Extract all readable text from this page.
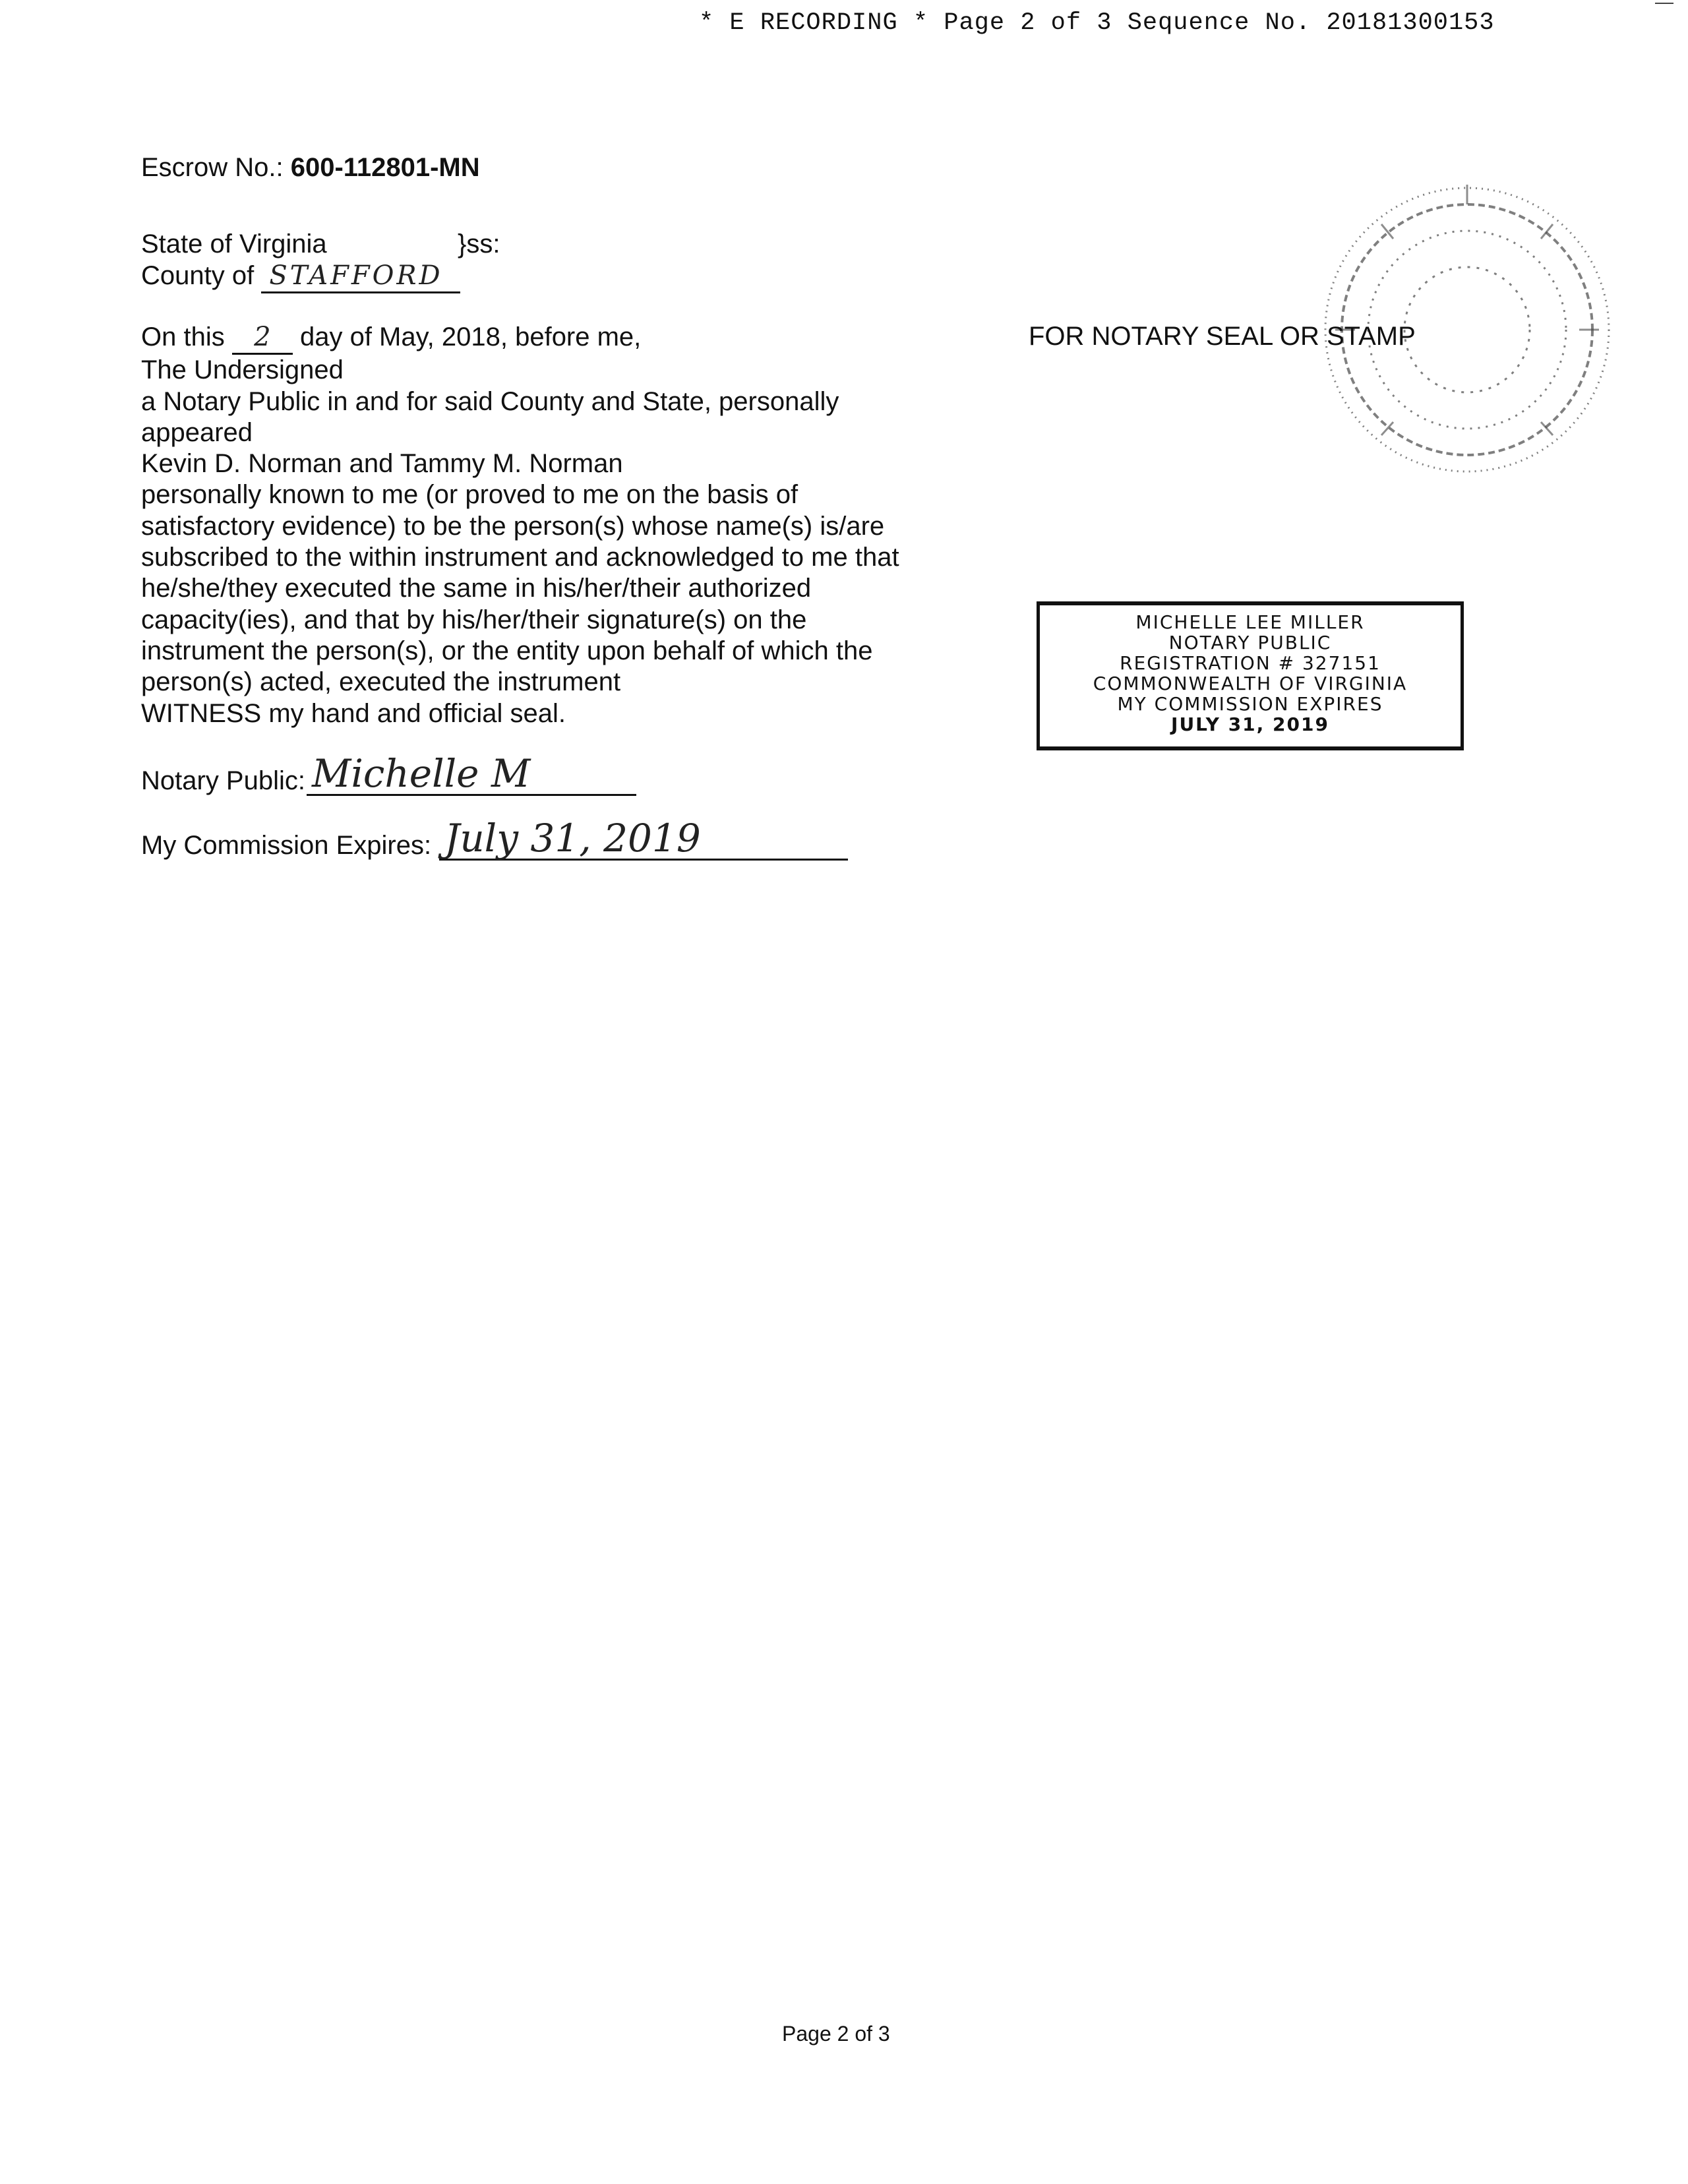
* E RECORDING * Page 2 of 3 Sequence No. 20181300153
Escrow No.: 600-112801-MN
State of Virginia	}ss:
County of STAFFORD
On this 2 day of May, 2018, before me,
The Undersigned
a Notary Public in and for said County and State, personally
appeared
Kevin D. Norman and Tammy M. Norman
personally known to me (or proved to me on the basis of
satisfactory evidence) to be the person(s) whose name(s) is/are
subscribed to the within instrument and acknowledged to me that
he/she/they executed the same in his/her/their authorized
capacity(ies), and that by his/her/their signature(s) on the
instrument the person(s), or the entity upon behalf of which the
person(s) acted, executed the instrument
WITNESS my hand and official seal.
Notary Public: Michelle M
My Commission Expires: July 31, 2019
FOR NOTARY SEAL OR STAMP
MICHELLE LEE MILLER
NOTARY PUBLIC
REGISTRATION # 327151
COMMONWEALTH OF VIRGINIA
MY COMMISSION EXPIRES
JULY 31, 2019
Page 2 of 3
